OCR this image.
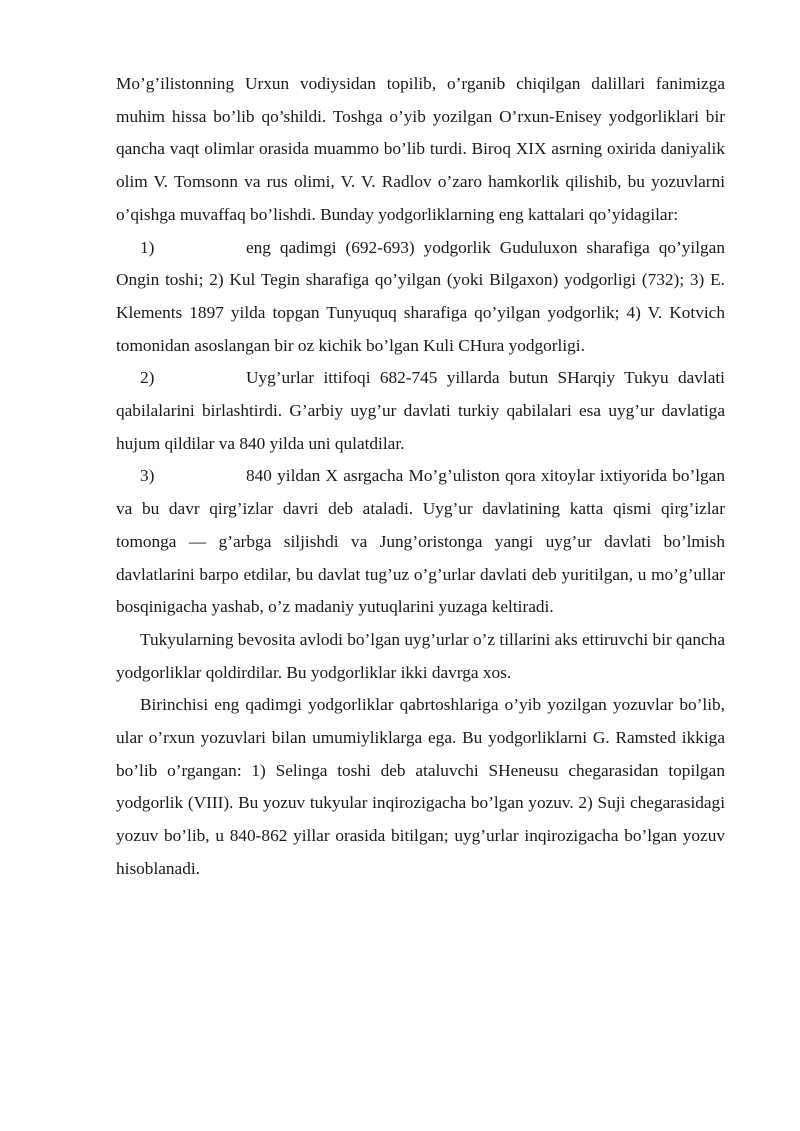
Mo’g’ilistonning Urxun vodiysidan topilib, o’rganib chiqilgan dalillari fanimizga muhim hissa bo’lib qo’shildi. Toshga o’yib yozilgan O’rxun-Enisey yodgorliklari bir qancha vaqt olimlar orasida muammo bo’lib turdi. Biroq XIX asrning oxirida daniyalik olim V. Tomsonn va rus olimi, V. V. Radlov o’zaro hamkorlik qilishib, bu yozuvlarni o’qishga muvaffaq bo’lishdi. Bunday yodgorliklarning eng kattalari qo’yidagilar:

1)	eng qadimgi (692-693) yodgorlik Guduluxon sharafiga qo’yilgan Ongin toshi; 2) Kul Tegin sharafiga qo’yilgan (yoki Bilgaxon) yodgorligi (732); 3) E. Klements 1897 yilda topgan Tunyuquq sharafiga qo’yilgan yodgorlik; 4) V. Kotvich tomonidan asoslangan bir oz kichik bo’lgan Kuli CHura yodgorligi.

2)	Uyg’urlar ittifoqi 682-745 yillarda butun SHarqiy Tukyu davlati qabilalarini birlashtirdi. G’arbiy uyg’ur davlati turkiy qabilalari esa uyg’ur davlatiga hujum qildilar va 840 yilda uni qulatdilar.

3)	840 yildan X asrgacha Mo’g’uliston qora xitoylar ixtiyorida bo’lgan va bu davr qirg’izlar davri deb ataladi. Uyg’ur davlatining katta qismi qirg’izlar tomonga — g’arbga siljishdi va Jung’oristonga yangi uyg’ur davlati bo’lmish davlatlarini barpo etdilar, bu davlat tug’uz o’g’urlar davlati deb yuritilgan, u mo’g’ullar bosqinigacha yashab, o’z madaniy yutuqlarini yuzaga keltiradi.

Tukyularning bevosita avlodi bo’lgan uyg’urlar o’z tillarini aks ettiruvchi bir qancha yodgorliklar qoldirdilar. Bu yodgorliklar ikki davrga xos.

Birinchisi eng qadimgi yodgorliklar qabrtoshlariga o’yib yozilgan yozuvlar bo’lib, ular o’rxun yozuvlari bilan umumiyliklarga ega. Bu yodgorliklarni G. Ramsted ikkiga bo’lib o’rgangan: 1) Selinga toshi deb ataluvchi SHeneusu chegarasidan topilgan yodgorlik (VIII). Bu yozuv tukyular inqirozigacha bo’lgan yozuv. 2) Suji chegarasidagi yozuv bo’lib, u 840-862 yillar orasida bitilgan; uyg’urlar inqirozigacha bo’lgan yozuv hisoblanadi.
